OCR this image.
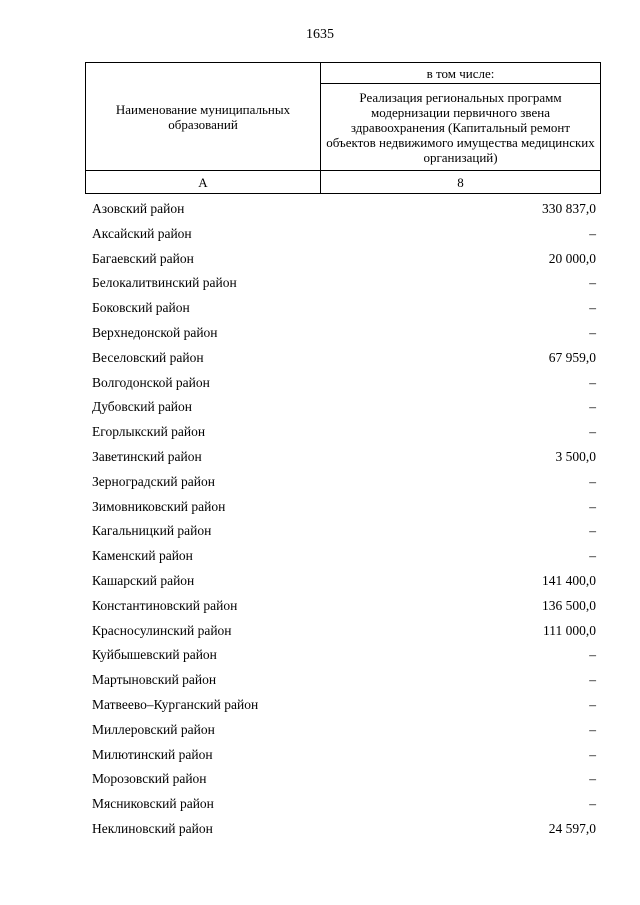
1635
Наименование муниципальных образований	в том числе:
	Реализация региональных программ модернизации первичного звена здравоохранения (Капитальный ремонт объектов недвижимого имущества медицинских организаций)
А	8
Азовский район	330 837,0
Аксайский район	–
Багаевский район	20 000,0
Белокалитвинский район	–
Боковский район	–
Верхнедонской район	–
Веселовский район	67 959,0
Волгодонской район	–
Дубовский район	–
Егорлыкский район	–
Заветинский район	3 500,0
Зерноградский район	–
Зимовниковский район	–
Кагальницкий район	–
Каменский район	–
Кашарский район	141 400,0
Константиновский район	136 500,0
Красносулинский район	111 000,0
Куйбышевский район	–
Мартыновский район	–
Матвеево–Курганский район	–
Миллеровский район	–
Милютинский район	–
Морозовский район	–
Мясниковский район	–
Неклиновский район	24 597,0
